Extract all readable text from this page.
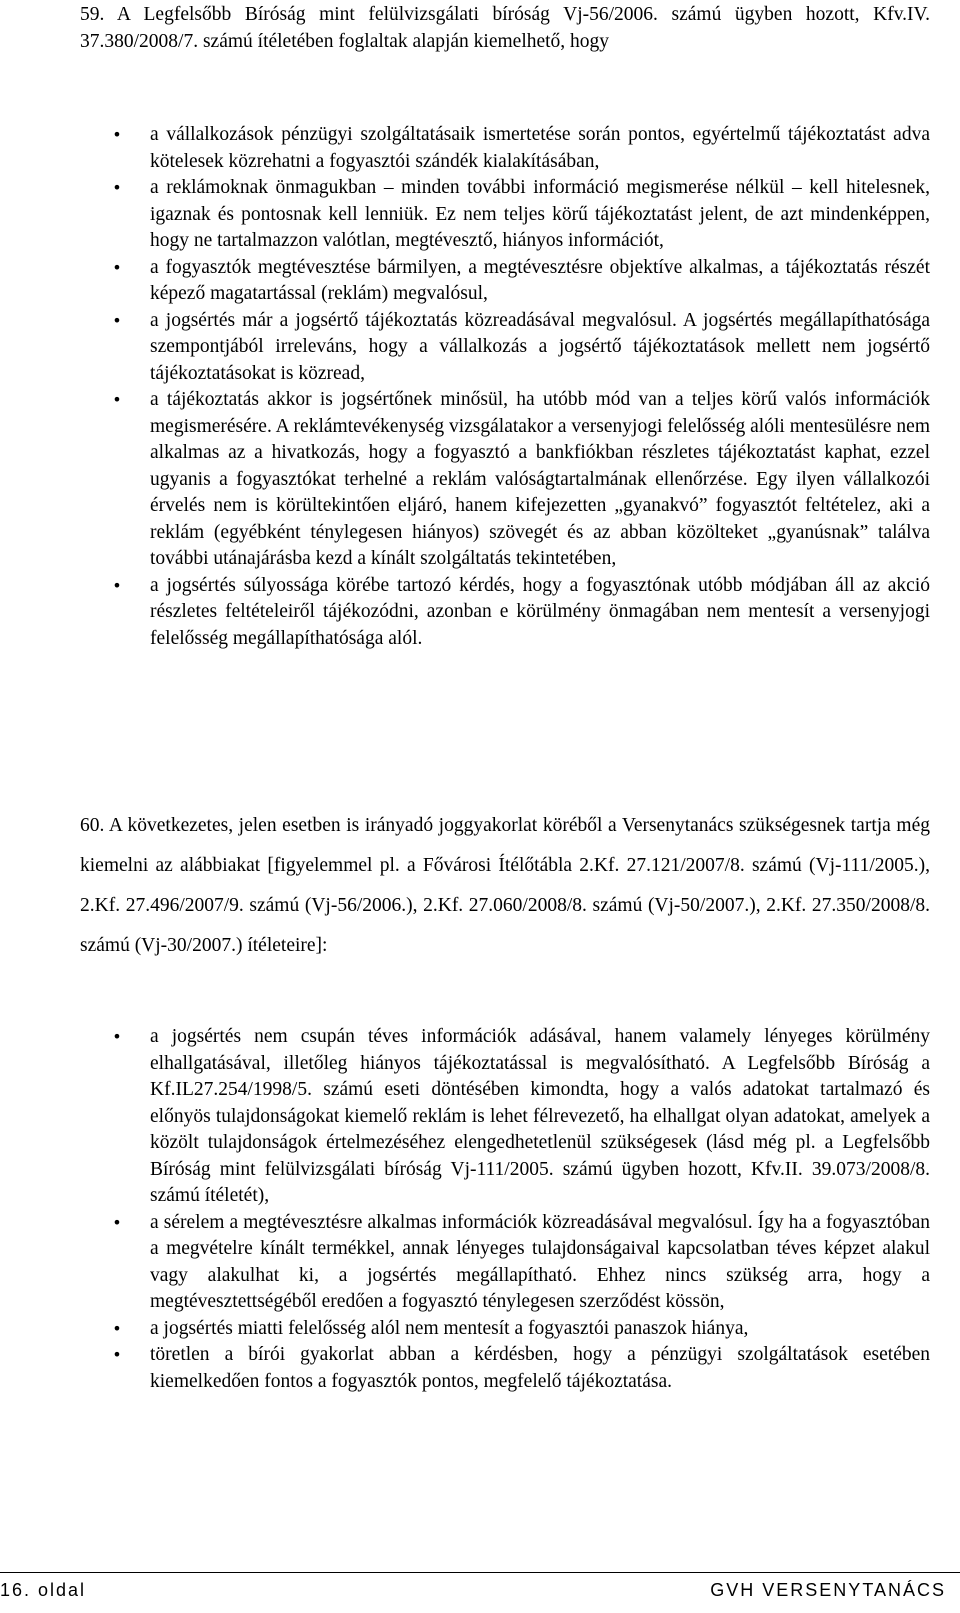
59. A Legfelsőbb Bíróság mint felülvizsgálati bíróság Vj-56/2006. számú ügyben hozott, Kfv.IV. 37.380/2008/7. számú ítéletében foglaltak alapján kiemelhető, hogy
• a vállalkozások pénzügyi szolgáltatásaik ismertetése során pontos, egyértelmű tájékoztatást adva kötelesek közrehatni a fogyasztói szándék kialakításában,
• a reklámoknak önmagukban – minden további információ megismerése nélkül – kell hitelesnek, igaznak és pontosnak kell lenniük. Ez nem teljes körű tájékoztatást jelent, de azt mindenképpen, hogy ne tartalmazzon valótlan, megtévesztő, hiányos információt,
• a fogyasztók megtévesztése bármilyen, a megtévesztésre objektíve alkalmas, a tájékoztatás részét képező magatartással (reklám) megvalósul,
• a jogsértés már a jogsértő tájékoztatás közreadásával megvalósul. A jogsértés megállapíthatósága szempontjából irreleváns, hogy a vállalkozás a jogsértő tájékoztatások mellett nem jogsértő tájékoztatásokat is közread,
• a tájékoztatás akkor is jogsértőnek minősül, ha utóbb mód van a teljes körű valós információk megismerésére. A reklámtevékenység vizsgálatakor a versenyjogi felelősség alóli mentesülésre nem alkalmas az a hivatkozás, hogy a fogyasztó a bankfiókban részletes tájékoztatást kaphat, ezzel ugyanis a fogyasztókat terhelné a reklám valóságtartalmának ellenőrzése. Egy ilyen vállalkozói érvelés nem is körültekintően eljáró, hanem kifejezetten „gyanakvó” fogyasztót feltételez, aki a reklám (egyébként ténylegesen hiányos) szövegét és az abban közölteket „gyanúsnak” találva további utánajárásba kezd a kínált szolgáltatás tekintetében,
• a jogsértés súlyossága körébe tartozó kérdés, hogy a fogyasztónak utóbb módjában áll az akció részletes feltételeiről tájékozódni, azonban e körülmény önmagában nem mentesít a versenyjogi felelősség megállapíthatósága alól.
60. A következetes, jelen esetben is irányadó joggyakorlat köréből a Versenytanács szükségesnek tartja még kiemelni az alábbiakat [figyelemmel pl. a Fővárosi Ítélőtábla 2.Kf. 27.121/2007/8. számú (Vj-111/2005.), 2.Kf. 27.496/2007/9. számú (Vj-56/2006.), 2.Kf. 27.060/2008/8. számú (Vj-50/2007.), 2.Kf. 27.350/2008/8. számú (Vj-30/2007.) ítéleteire]:
• a jogsértés nem csupán téves információk adásával, hanem valamely lényeges körülmény elhallgatásával, illetőleg hiányos tájékoztatással is megvalósítható. A Legfelsőbb Bíróság a Kf.IL27.254/1998/5. számú eseti döntésében kimondta, hogy a valós adatokat tartalmazó és előnyös tulajdonságokat kiemelő reklám is lehet félrevezető, ha elhallgat olyan adatokat, amelyek a közölt tulajdonságok értelmezéséhez elengedhetetlenül szükségesek (lásd még pl. a Legfelsőbb Bíróság mint felülvizsgálati bíróság Vj-111/2005. számú ügyben hozott, Kfv.II. 39.073/2008/8. számú ítéletét),
• a sérelem a megtévesztésre alkalmas információk közreadásával megvalósul. Így ha a fogyasztóban a megvételre kínált termékkel, annak lényeges tulajdonságaival kapcsolatban téves képzet alakul vagy alakulhat ki, a jogsértés megállapítható. Ehhez nincs szükség arra, hogy a megtévesztettségéből eredően a fogyasztó ténylegesen szerződést kössön,
• a jogsértés miatti felelősség alól nem mentesít a fogyasztói panaszok hiánya,
• töretlen a bírói gyakorlat abban a kérdésben, hogy a pénzügyi szolgáltatások esetében kiemelkedően fontos a fogyasztók pontos, megfelelő tájékoztatása.
16. oldal	GVH VERSENYTANÁCS
